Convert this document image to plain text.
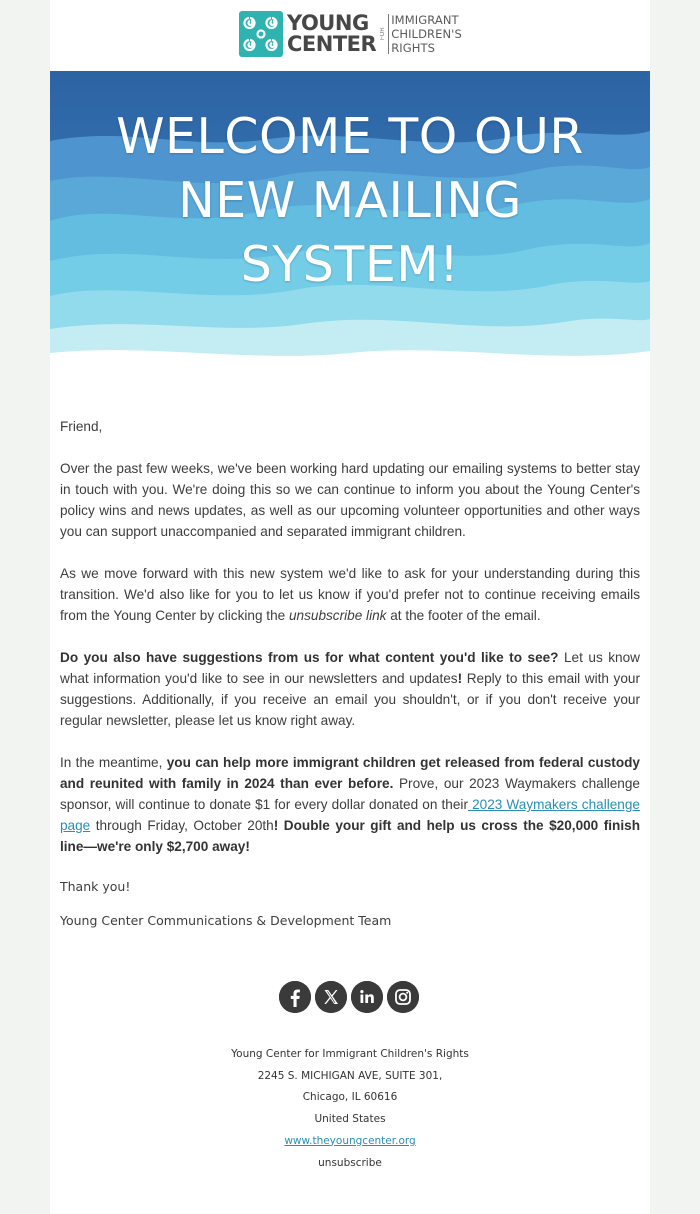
YOUNG
CENTER FOR
IMMIGRANT
CHILDREN'S
RIGHTS
WELCOME TO OUR
NEW MAILING
SYSTEM!

Friend,

Over the past few weeks, we've been working hard updating our emailing systems to better stay in touch with you. We're doing this so we can continue to inform you about the Young Center's policy wins and news updates, as well as our upcoming volunteer opportunities and other ways you can support unaccompanied and separated immigrant children.

As we move forward with this new system we'd like to ask for your understanding during this transition. We'd also like for you to let us know if you'd prefer not to continue receiving emails from the Young Center by clicking the unsubscribe link at the footer of the email.

Do you also have suggestions from us for what content you'd like to see? Let us know what information you'd like to see in our newsletters and updates! Reply to this email with your suggestions. Additionally, if you receive an email you shouldn't, or if you don't receive your regular newsletter, please let us know right away.

In the meantime, you can help more immigrant children get released from federal custody and reunited with family in 2024 than ever before. Prove, our 2023 Waymakers challenge sponsor, will continue to donate $1 for every dollar donated on their 2023 Waymakers challenge page through Friday, October 20th! Double your gift and help us cross the $20,000 finish line—we're only $2,700 away!

Thank you!

Young Center Communications & Development Team

Young Center for Immigrant Children's Rights
2245 S. MICHIGAN AVE, SUITE 301,
Chicago, IL 60616
United States
www.theyoungcenter.org
unsubscribe
